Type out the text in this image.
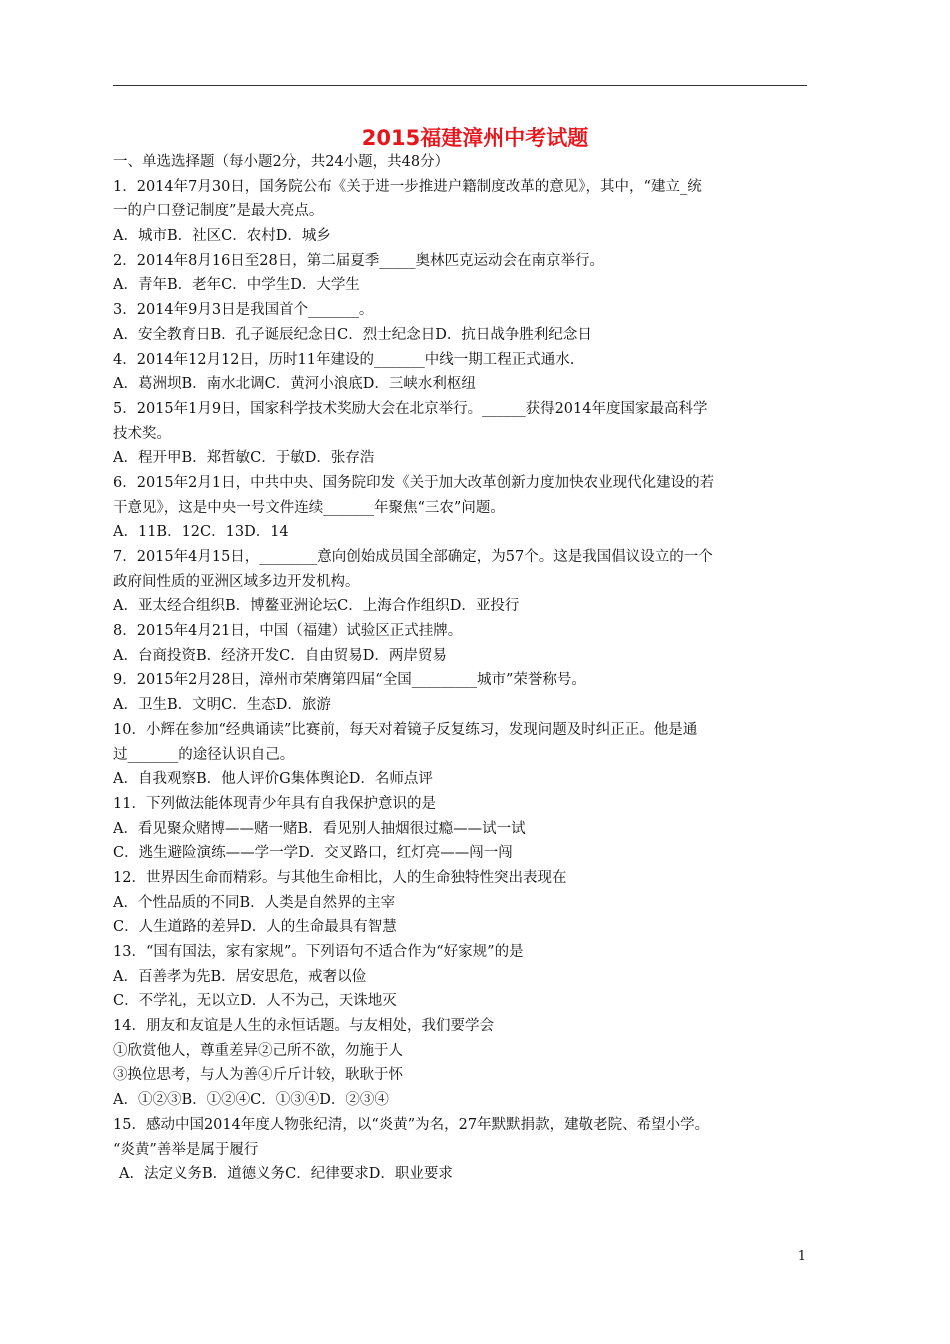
2015福建漳州中考试题
一、单选选择题（每小题2分，共24小题，共48分）
1．2014年7月30日，国务院公布《关于进一步推进户籍制度改革的意见》，其中，“建立_统
一的户口登记制度”是最大亮点。
A．城市B．社区C．农村D．城乡
2．2014年8月16日至28日，第二届夏季_____奥林匹克运动会在南京举行。
A．青年B．老年C．中学生D．大学生
3．2014年9月3日是我国首个_______。
A．安全教育日B．孔子诞辰纪念日C．烈士纪念日D．抗日战争胜利纪念日
4．2014年12月12日，历时11年建设的_______中线一期工程正式通水.
A．葛洲坝B．南水北调C．黄河小浪底D．三峡水利枢纽
5．2015年1月9日，国家科学技术奖励大会在北京举行。______获得2014年度国家最高科学
技术奖。
A．程开甲B．郑哲敏C．于敏D．张存浩
6．2015年2月1日，中共中央、国务院印发《关于加大改革创新力度加快农业现代化建设的若
干意见》，这是中央一号文件连续_______年聚焦“三农”问题。
A．11B．12C．13D．14
7．2015年4月15日，________意向创始成员国全部确定，为57个。这是我国倡议设立的一个
政府间性质的亚洲区域多边开发机构。
A．亚太经合组织B．博鳌亚洲论坛C．上海合作组织D．亚投行
8．2015年4月21日，中国（福建）试验区正式挂牌。
A．台商投资B．经济开发C．自由贸易D．两岸贸易
9．2015年2月28日，漳州市荣膺第四届“全国_________城市”荣誉称号。
A．卫生B．文明C．生态D．旅游
10．小辉在参加“经典诵读”比赛前，每天对着镜子反复练习，发现问题及时纠正正。他是通
过_______的途径认识自己。
A．自我观察B．他人评价G集体舆论D．名师点评
11．下列做法能体现青少年具有自我保护意识的是
A．看见聚众赌博——赌一赌B．看见别人抽烟很过瘾——试一试
C．逃生避险演练——学一学D．交叉路口，红灯亮——闯一闯
12．世界因生命而精彩。与其他生命相比，人的生命独特性突出表现在
A．个性品质的不同B．人类是自然界的主宰
C．人生道路的差异D．人的生命最具有智慧
13．“国有国法，家有家规”。下列语句不适合作为“好家规”的是
A．百善孝为先B．居安思危，戒奢以俭
C．不学礼，无以立D．人不为己，天诛地灭
14．朋友和友谊是人生的永恒话题。与友相处，我们要学会
①欣赏他人，尊重差异②己所不欲，勿施于人
③换位思考，与人为善④斤斤计较，耿耿于怀
A．①②③B．①②④C．①③④D．②③④
15．感动中国2014年度人物张纪清，以“炎黄”为名，27年默默捐款，建敬老院、希望小学。
“炎黄”善举是属于履行
A．法定义务B．道德义务C．纪律要求D．职业要求
1
